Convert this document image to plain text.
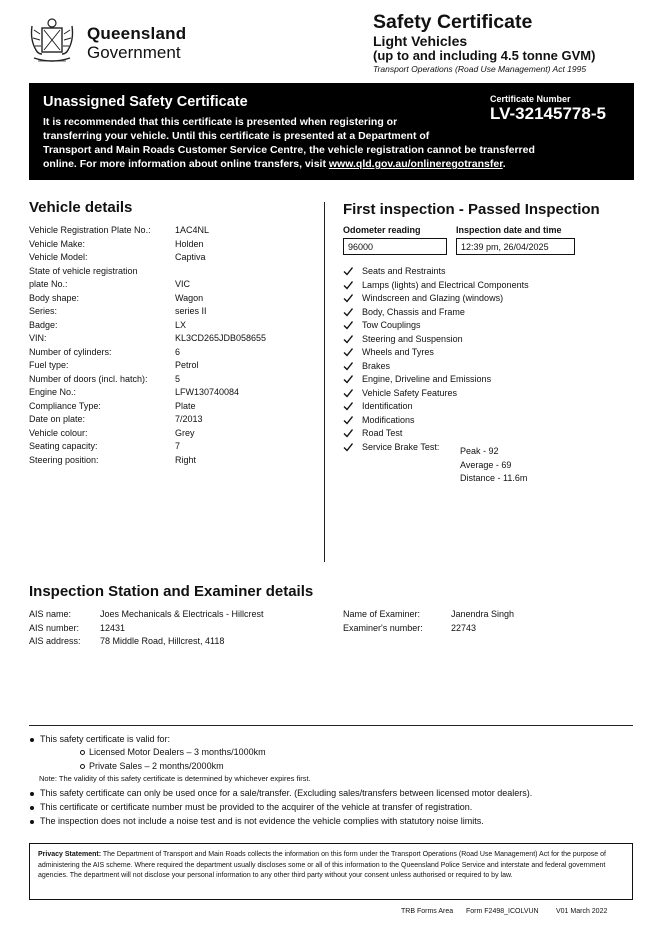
Queensland
Government
Safety Certificate
Light Vehicles
(up to and including 4.5 tonne GVM)
Transport Operations (Road Use Management) Act 1995
Unassigned Safety Certificate
It is recommended that this certificate is presented when registering or
transferring your vehicle. Until this certificate is presented at a Department of
Transport and Main Roads Customer Service Centre, the vehicle registration cannot be transferred
online. For more information about online transfers, visit www.qld.gov.au/onlineregotransfer.
Certificate Number
LV-32145778-5
Vehicle details
Vehicle Registration Plate No.:	1AC4NL
Vehicle Make:	Holden
Vehicle Model:	Captiva
State of vehicle registration
plate No.:	VIC
Body shape:	Wagon
Series:	series II
Badge:	LX
VIN:	KL3CD265JDB058655
Number of cylinders:	6
Fuel type:	Petrol
Number of doors (incl. hatch):	5
Engine No.:	LFW130740084
Compliance Type:	Plate
Date on plate:	7/2013
Vehicle colour:	Grey
Seating capacity:	7
Steering position:	Right
First inspection - Passed Inspection
Odometer reading
96000
Inspection date and time
12:39 pm, 26/04/2025
Seats and Restraints
Lamps (lights) and Electrical Components
Windscreen and Glazing (windows)
Body, Chassis and Frame
Tow Couplings
Steering and Suspension
Wheels and Tyres
Brakes
Engine, Driveline and Emissions
Vehicle Safety Features
Identification
Modifications
Road Test
Service Brake Test: Peak - 92
Average - 69
Distance - 11.6m
Inspection Station and Examiner details
AIS name:	Joes Mechanicals & Electricals - Hillcrest
AIS number: 12431
AIS address: 78 Middle Road, Hillcrest, 4118
Name of Examiner:	Janendra Singh
Examiner's number:	22743
This safety certificate is valid for:
Licensed Motor Dealers – 3 months/1000km
Private Sales – 2 months/2000km
Note: The validity of this safety certificate is determined by whichever expires first.
This safety certificate can only be used once for a sale/transfer. (Excluding sales/transfers between licensed motor dealers).
This certificate or certificate number must be provided to the acquirer of the vehicle at transfer of registration.
The inspection does not include a noise test and is not evidence the vehicle complies with statutory noise limits.
Privacy Statement: The Department of Transport and Main Roads collects the information on this form under the Transport Operations (Road Use Management) Act for the purpose of administering the AIS scheme. Where required the department usually discloses some or all of this information to the Queensland Police Service and interstate and federal government agencies. The department will not disclose your personal information to any other third party without your consent unless authorised or required to by law.
TRB Forms Area Form F2498_ICOLVUN V01 March 2022
